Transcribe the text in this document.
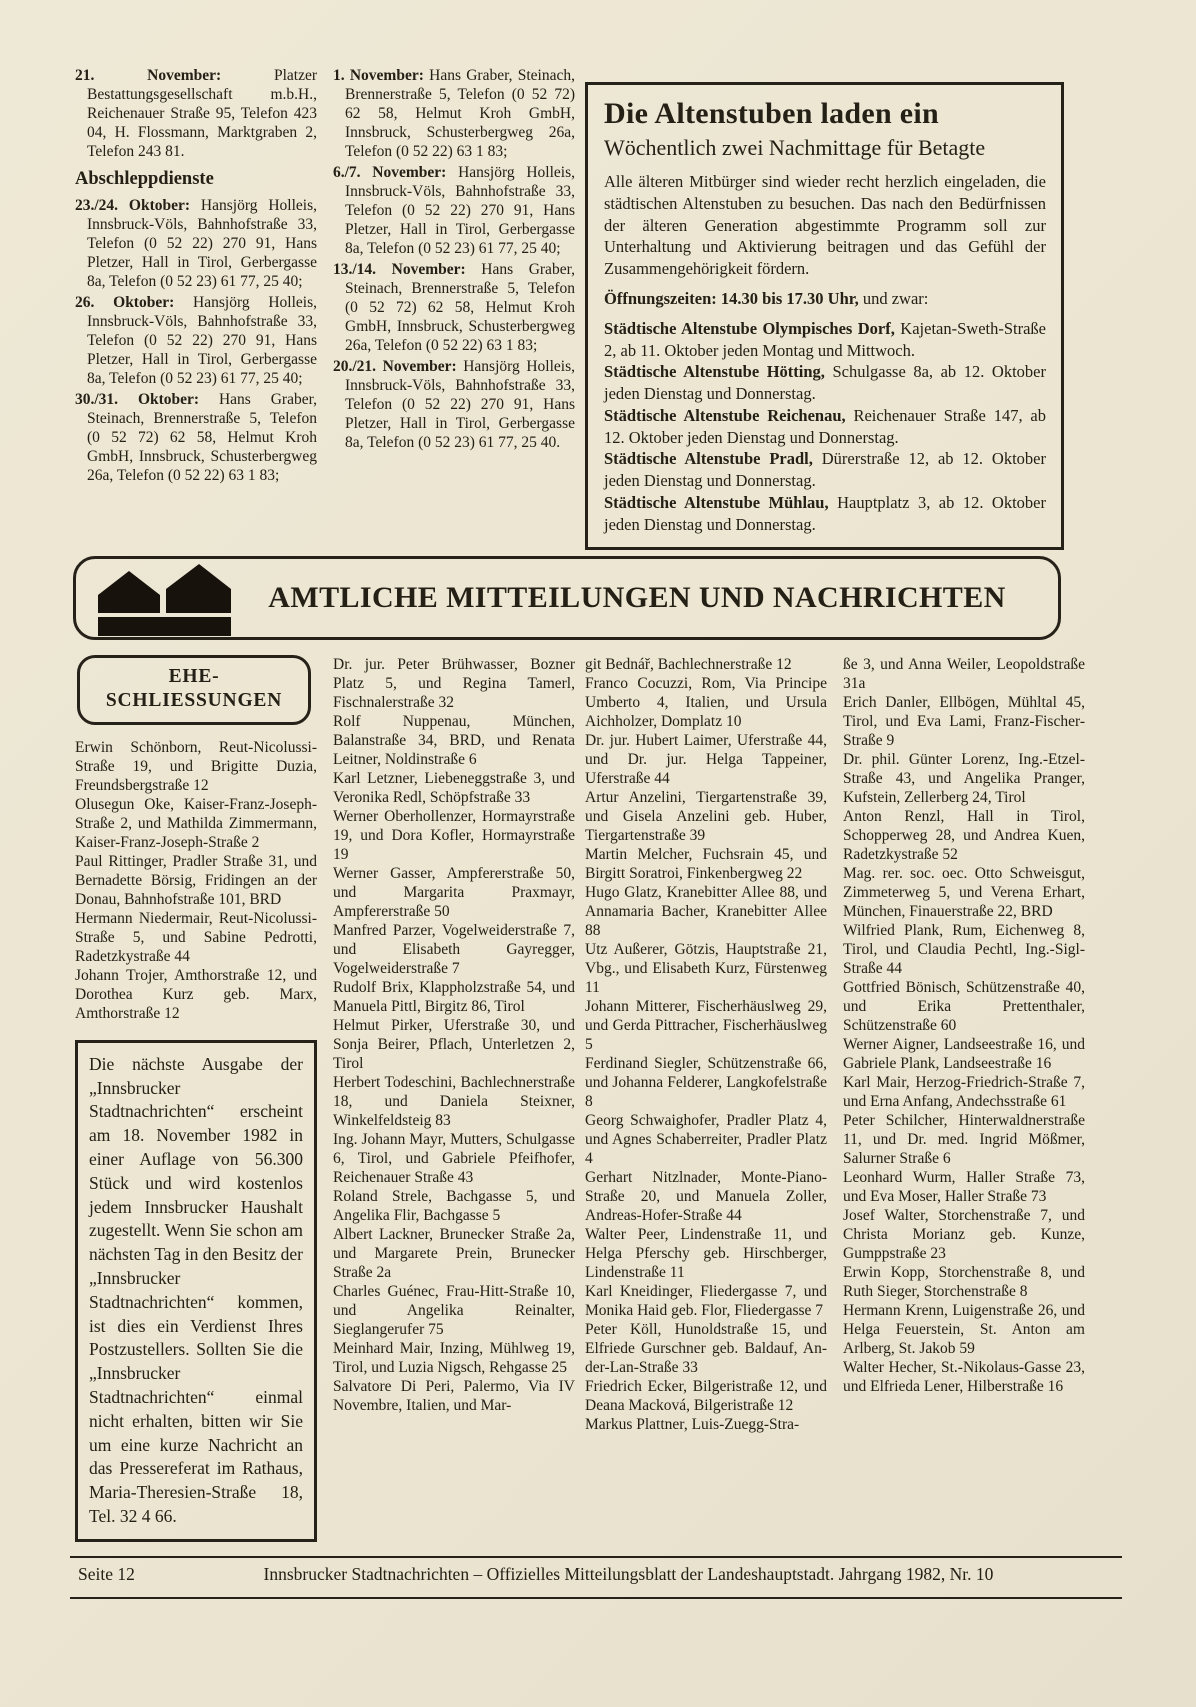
21. November: Platzer Bestattungsgesellschaft m.b.H., Reichenauer Straße 95, Telefon 423 04, H. Flossmann, Marktgraben 2, Telefon 243 81.

Abschleppdienste

23./24. Oktober: Hansjörg Holleis, Innsbruck-Völs, Bahnhofstraße 33, Telefon (0 52 22) 270 91, Hans Pletzer, Hall in Tirol, Gerbergasse 8a, Telefon (0 52 23) 61 77, 25 40;

26. Oktober: Hansjörg Holleis, Innsbruck-Völs, Bahnhofstraße 33, Telefon (0 52 22) 270 91, Hans Pletzer, Hall in Tirol, Gerbergasse 8a, Telefon (0 52 23) 61 77, 25 40;

30./31. Oktober: Hans Graber, Steinach, Brennerstraße 5, Telefon (0 52 72) 62 58, Helmut Kroh GmbH, Innsbruck, Schusterbergweg 26a, Telefon (0 52 22) 63 1 83;

1. November: Hans Graber, Steinach, Brennerstraße 5, Telefon (0 52 72) 62 58, Helmut Kroh GmbH, Innsbruck, Schusterbergweg 26a, Telefon (0 52 22) 63 1 83;

6./7. November: Hansjörg Holleis, Innsbruck-Völs, Bahnhofstraße 33, Telefon (0 52 22) 270 91, Hans Pletzer, Hall in Tirol, Gerbergasse 8a, Telefon (0 52 23) 61 77, 25 40;

13./14. November: Hans Graber, Steinach, Brennerstraße 5, Telefon (0 52 72) 62 58, Helmut Kroh GmbH, Innsbruck, Schusterbergweg 26a, Telefon (0 52 22) 63 1 83;

20./21. November: Hansjörg Holleis, Innsbruck-Völs, Bahnhofstraße 33, Telefon (0 52 22) 270 91, Hans Pletzer, Hall in Tirol, Gerbergasse 8a, Telefon (0 52 23) 61 77, 25 40.

Die Altenstuben laden ein
Wöchentlich zwei Nachmittage für Betagte

Alle älteren Mitbürger sind wieder recht herzlich eingeladen, die städtischen Altenstuben zu besuchen. Das nach den Bedürfnissen der älteren Generation abgestimmte Programm soll zur Unterhaltung und Aktivierung beitragen und das Gefühl der Zusammengehörigkeit fördern.

Öffnungszeiten: 14.30 bis 17.30 Uhr, und zwar:

Städtische Altenstube Olympisches Dorf, Kajetan-Sweth-Straße 2, ab 11. Oktober jeden Montag und Mittwoch.

Städtische Altenstube Hötting, Schulgasse 8a, ab 12. Oktober jeden Dienstag und Donnerstag.

Städtische Altenstube Reichenau, Reichenauer Straße 147, ab 12. Oktober jeden Dienstag und Donnerstag.

Städtische Altenstube Pradl, Dürerstraße 12, ab 12. Oktober jeden Dienstag und Donnerstag.

Städtische Altenstube Mühlau, Hauptplatz 3, ab 12. Oktober jeden Dienstag und Donnerstag.

AMTLICHE MITTEILUNGEN UND NACHRICHTEN
EHE-
SCHLIESSUNGEN

Erwin Schönborn, Reut-Nicolussi-Straße 19, und Brigitte Duzia, Freundsbergstraße 12

Olusegun Oke, Kaiser-Franz-Joseph-Straße 2, und Mathilda Zimmermann, Kaiser-Franz-Joseph-Straße 2

Paul Rittinger, Pradler Straße 31, und Bernadette Börsig, Fridingen an der Donau, Bahnhofstraße 101, BRD

Hermann Niedermair, Reut-Nicolussi-Straße 5, und Sabine Pedrotti, Radetzkystraße 44

Johann Trojer, Amthorstraße 12, und Dorothea Kurz geb. Marx, Amthorstraße 12

Die nächste Ausgabe der „Innsbrucker Stadtnachrichten“ erscheint am 18. November 1982 in einer Auflage von 56.300 Stück und wird kostenlos jedem Innsbrucker Haushalt zugestellt. Wenn Sie schon am nächsten Tag in den Besitz der „Innsbrucker Stadtnachrichten“ kommen, ist dies ein Verdienst Ihres Postzustellers. Sollten Sie die „Innsbrucker Stadtnachrichten“ einmal nicht erhalten, bitten wir Sie um eine kurze Nachricht an das Pressereferat im Rathaus, Maria-Theresien-Straße 18, Tel. 32 4 66.

Dr. jur. Peter Brühwasser, Bozner Platz 5, und Regina Tamerl, Fischnalerstraße 32

Rolf Nuppenau, München, Balanstraße 34, BRD, und Renata Leitner, Noldinstraße 6

Karl Letzner, Liebeneggstraße 3, und Veronika Redl, Schöpfstraße 33

Werner Oberhollenzer, Hormayrstraße 19, und Dora Kofler, Hormayrstraße 19

Werner Gasser, Ampfererstraße 50, und Margarita Praxmayr, Ampfererstraße 50

Manfred Parzer, Vogelweiderstraße 7, und Elisabeth Gayregger, Vogelweiderstraße 7

Rudolf Brix, Klappholzstraße 54, und Manuela Pittl, Birgitz 86, Tirol

Helmut Pirker, Uferstraße 30, und Sonja Beirer, Pflach, Unterletzen 2, Tirol

Herbert Todeschini, Bachlechnerstraße 18, und Daniela Steixner, Winkelfeldsteig 83

Ing. Johann Mayr, Mutters, Schulgasse 6, Tirol, und Gabriele Pfeifhofer, Reichenauer Straße 43

Roland Strele, Bachgasse 5, und Angelika Flir, Bachgasse 5

Albert Lackner, Brunecker Straße 2a, und Margarete Prein, Brunecker Straße 2a

Charles Guénec, Frau-Hitt-Straße 10, und Angelika Reinalter, Sieglangerufer 75

Meinhard Mair, Inzing, Mühlweg 19, Tirol, und Luzia Nigsch, Rehgasse 25

Salvatore Di Peri, Palermo, Via IV Novembre, Italien, und Mar-

git Bednář, Bachlechnerstraße 12

Franco Cocuzzi, Rom, Via Principe Umberto 4, Italien, und Ursula Aichholzer, Domplatz 10

Dr. jur. Hubert Laimer, Uferstraße 44, und Dr. jur. Helga Tappeiner, Uferstraße 44

Artur Anzelini, Tiergartenstraße 39, und Gisela Anzelini geb. Huber, Tiergartenstraße 39

Martin Melcher, Fuchsrain 45, und Birgitt Soratroi, Finkenbergweg 22

Hugo Glatz, Kranebitter Allee 88, und Annamaria Bacher, Kranebitter Allee 88

Utz Außerer, Götzis, Hauptstraße 21, Vbg., und Elisabeth Kurz, Fürstenweg 11

Johann Mitterer, Fischerhäuslweg 29, und Gerda Pittracher, Fischerhäuslweg 5

Ferdinand Siegler, Schützenstraße 66, und Johanna Felderer, Langkofelstraße 8

Georg Schwaighofer, Pradler Platz 4, und Agnes Schaberreiter, Pradler Platz 4

Gerhart Nitzlnader, Monte-Piano-Straße 20, und Manuela Zoller, Andreas-Hofer-Straße 44

Walter Peer, Lindenstraße 11, und Helga Pferschy geb. Hirschberger, Lindenstraße 11

Karl Kneidinger, Fliedergasse 7, und Monika Haid geb. Flor, Fliedergasse 7

Peter Köll, Hunoldstraße 15, und Elfriede Gurschner geb. Baldauf, An-der-Lan-Straße 33

Friedrich Ecker, Bilgeristraße 12, und Deana Macková, Bilgeristraße 12

Markus Plattner, Luis-Zuegg-Stra-

ße 3, und Anna Weiler, Leopoldstraße 31a

Erich Danler, Ellbögen, Mühltal 45, Tirol, und Eva Lami, Franz-Fischer-Straße 9

Dr. phil. Günter Lorenz, Ing.-Etzel-Straße 43, und Angelika Pranger, Kufstein, Zellerberg 24, Tirol

Anton Renzl, Hall in Tirol, Schopperweg 28, und Andrea Kuen, Radetzkystraße 52

Mag. rer. soc. oec. Otto Schweisgut, Zimmeterweg 5, und Verena Erhart, München, Finauerstraße 22, BRD

Wilfried Plank, Rum, Eichenweg 8, Tirol, und Claudia Pechtl, Ing.-Sigl-Straße 44

Gottfried Bönisch, Schützenstraße 40, und Erika Prettenthaler, Schützenstraße 60

Werner Aigner, Landseestraße 16, und Gabriele Plank, Landseestraße 16

Karl Mair, Herzog-Friedrich-Straße 7, und Erna Anfang, Andechsstraße 61

Peter Schilcher, Hinterwaldnerstraße 11, und Dr. med. Ingrid Mößmer, Salurner Straße 6

Leonhard Wurm, Haller Straße 73, und Eva Moser, Haller Straße 73

Josef Walter, Storchenstraße 7, und Christa Morianz geb. Kunze, Gumppstraße 23

Erwin Kopp, Storchenstraße 8, und Ruth Sieger, Storchenstraße 8

Hermann Krenn, Luigenstraße 26, und Helga Feuerstein, St. Anton am Arlberg, St. Jakob 59

Walter Hecher, St.-Nikolaus-Gasse 23, und Elfrieda Lener, Hilberstraße 16

Seite 12	Innsbrucker Stadtnachrichten – Offizielles Mitteilungsblatt der Landeshauptstadt. Jahrgang 1982, Nr. 10
